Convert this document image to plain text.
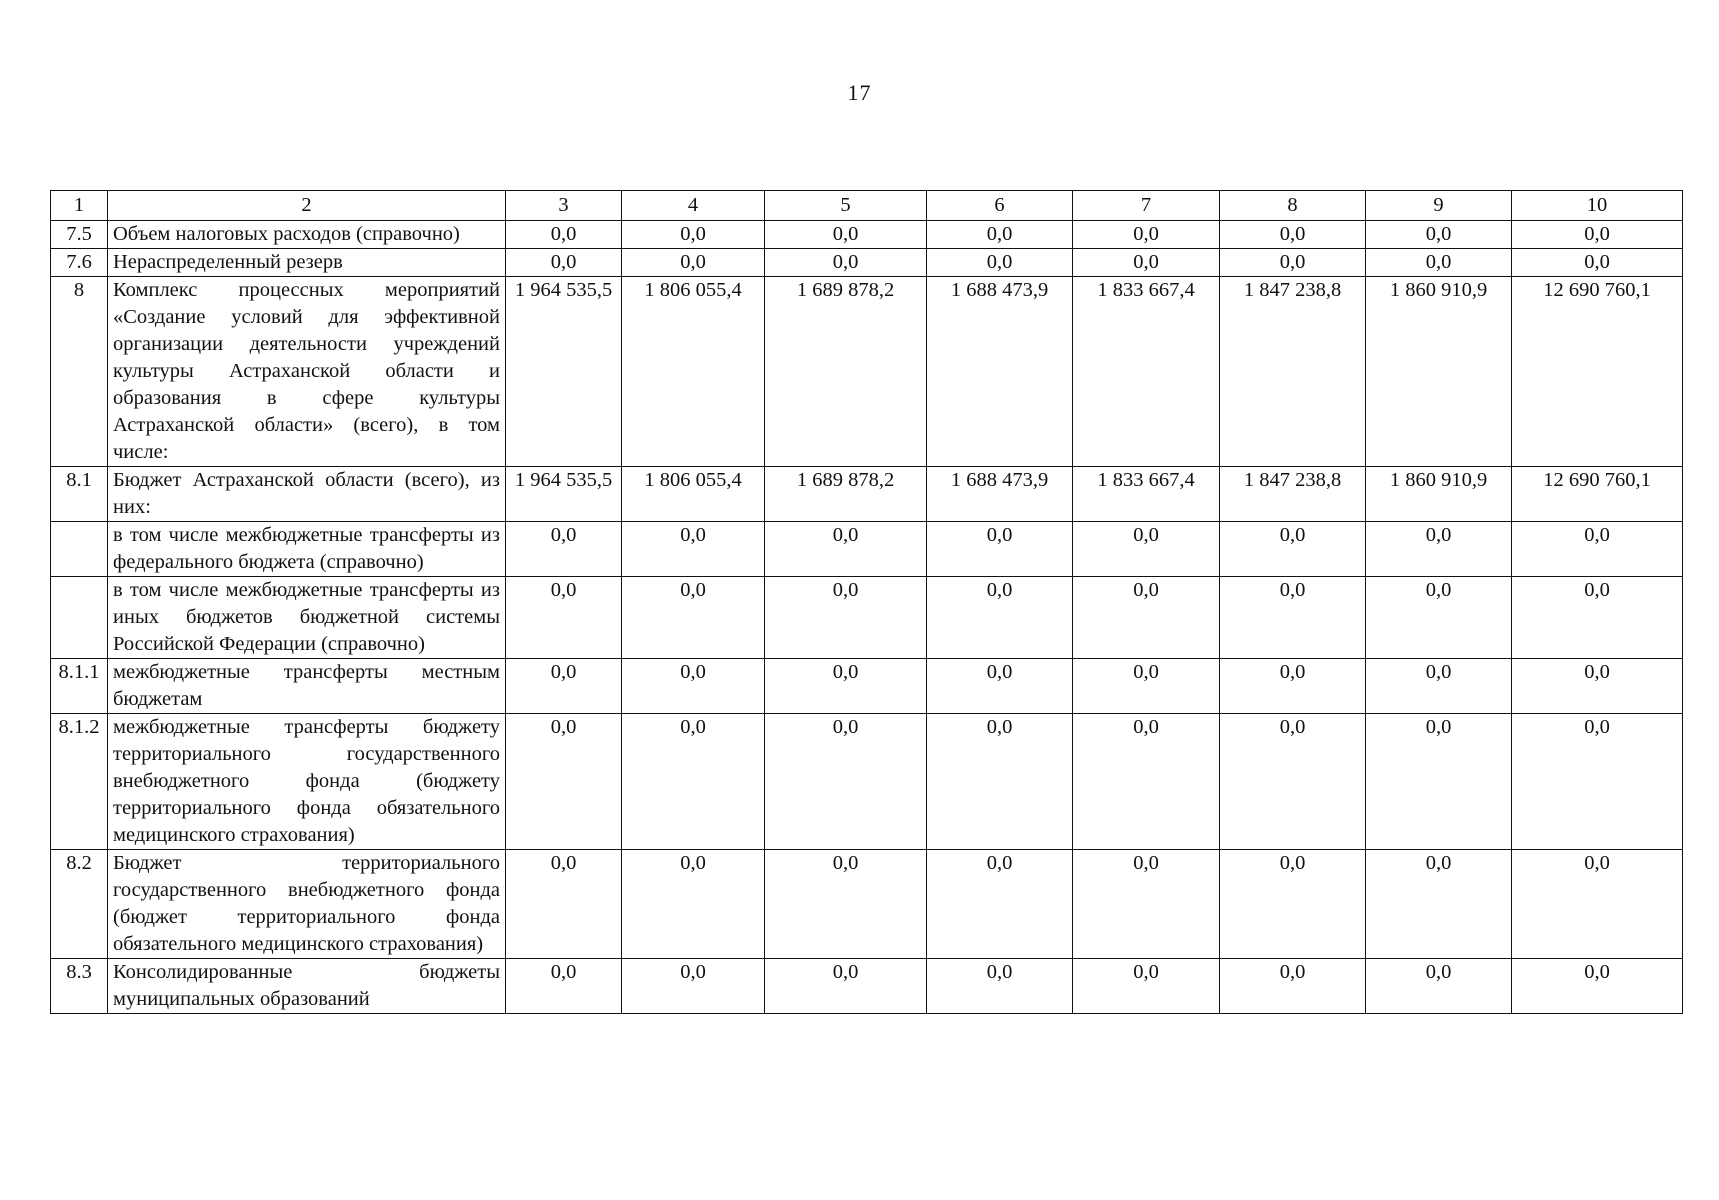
17
1	2	3	4	5	6	7	8	9	10
7.5	Объем налоговых расходов (справочно)	0,0	0,0	0,0	0,0	0,0	0,0	0,0	0,0
7.6	Нераспределенный резерв	0,0	0,0	0,0	0,0	0,0	0,0	0,0	0,0
8	Комплекс процессных мероприятий «Создание условий для эффективной организации деятельности учреждений культуры Астраханской области и образования в сфере культуры Астраханской области» (всего), в том числе:	1 964 535,5	1 806 055,4	1 689 878,2	1 688 473,9	1 833 667,4	1 847 238,8	1 860 910,9	12 690 760,1
8.1	Бюджет Астраханской области (всего), из них:	1 964 535,5	1 806 055,4	1 689 878,2	1 688 473,9	1 833 667,4	1 847 238,8	1 860 910,9	12 690 760,1
	в том числе межбюджетные трансферты из федерального бюджета (справочно)	0,0	0,0	0,0	0,0	0,0	0,0	0,0	0,0
	в том числе межбюджетные трансферты из иных бюджетов бюджетной системы Российской Федерации (справочно)	0,0	0,0	0,0	0,0	0,0	0,0	0,0	0,0
8.1.1	межбюджетные трансферты местным бюджетам	0,0	0,0	0,0	0,0	0,0	0,0	0,0	0,0
8.1.2	межбюджетные трансферты бюджету территориального государственного внебюджетного фонда (бюджету территориального фонда обязательного медицинского страхования)	0,0	0,0	0,0	0,0	0,0	0,0	0,0	0,0
8.2	Бюджет территориального государственного внебюджетного фонда (бюджет территориального фонда обязательного медицинского страхования)	0,0	0,0	0,0	0,0	0,0	0,0	0,0	0,0
8.3	Консолидированные бюджеты муниципальных образований	0,0	0,0	0,0	0,0	0,0	0,0	0,0	0,0
